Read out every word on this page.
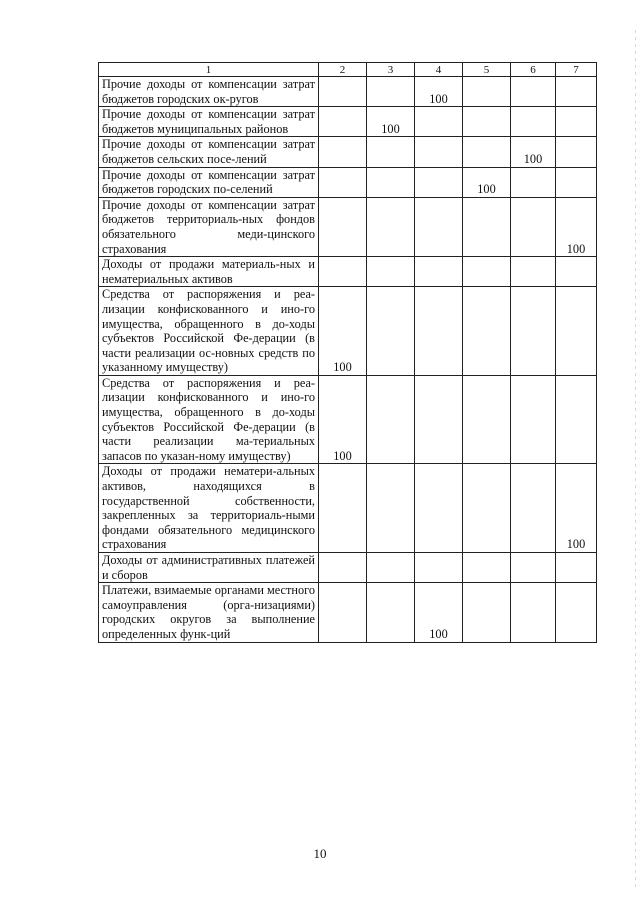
1	2	3	4	5	6	7
Прочие доходы от компенсации затрат бюджетов городских ок-ругов			100			
Прочие доходы от компенсации затрат бюджетов муниципальных районов		100				
Прочие доходы от компенсации затрат бюджетов сельских посе-лений					100	
Прочие доходы от компенсации затрат бюджетов городских по-селений				100		
Прочие доходы от компенсации затрат бюджетов территориаль-ных фондов обязательного меди-цинского страхования						100
Доходы от продажи материаль-ных и нематериальных активов						
Средства от распоряжения и реа-лизации конфискованного и ино-го имущества, обращенного в до-ходы субъектов Российской Фе-дерации (в части реализации ос-новных средств по указанному имуществу)	100					
Средства от распоряжения и реа-лизации конфискованного и ино-го имущества, обращенного в до-ходы субъектов Российской Фе-дерации (в части реализации ма-териальных запасов по указан-ному имуществу)	100					
Доходы от продажи нематери-альных активов, находящихся в государственной собственности, закрепленных за территориаль-ными фондами обязательного медицинского страхования						100
Доходы от административных платежей и сборов						
Платежи, взимаемые органами местного самоуправления (орга-низациями) городских округов за выполнение определенных функ-ций			100			
10
